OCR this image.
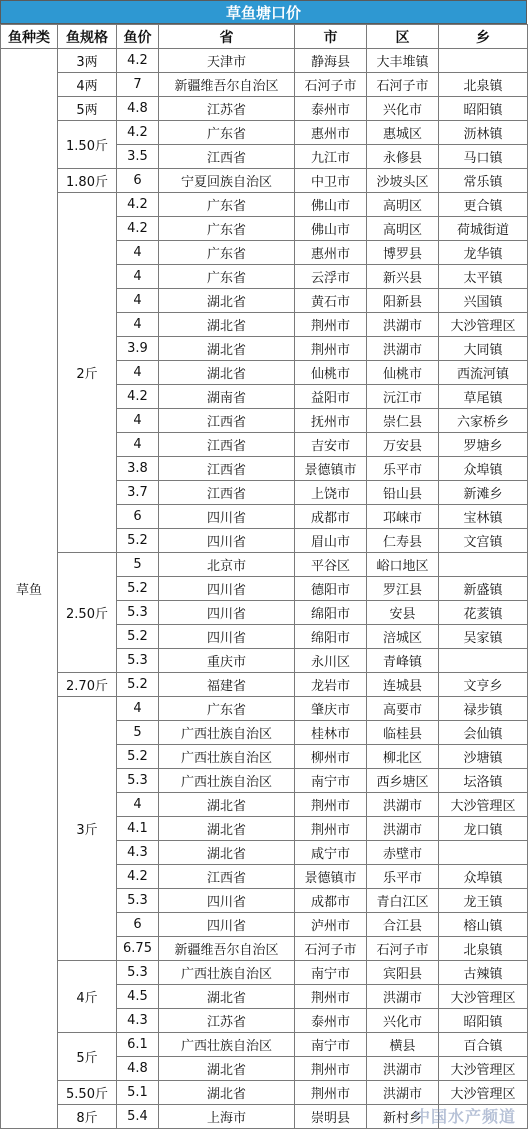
草鱼塘口价
鱼种类	鱼规格	鱼价	省	市	区	乡
草鱼	3两	4.2	天津市	静海县	大丰堆镇	
	4两	7	新疆维吾尔自治区	石河子市	石河子市	北泉镇
	5两	4.8	江苏省	泰州市	兴化市	昭阳镇
	1.50斤	4.2	广东省	惠州市	惠城区	沥林镇
		3.5	江西省	九江市	永修县	马口镇
	1.80斤	6	宁夏回族自治区	中卫市	沙坡头区	常乐镇
	2斤	4.2	广东省	佛山市	高明区	更合镇
		4.2	广东省	佛山市	高明区	荷城街道
		4	广东省	惠州市	博罗县	龙华镇
		4	广东省	云浮市	新兴县	太平镇
		4	湖北省	黄石市	阳新县	兴国镇
		4	湖北省	荆州市	洪湖市	大沙管理区
		3.9	湖北省	荆州市	洪湖市	大同镇
		4	湖北省	仙桃市	仙桃市	西流河镇
		4.2	湖南省	益阳市	沅江市	草尾镇
		4	江西省	抚州市	崇仁县	六家桥乡
		4	江西省	吉安市	万安县	罗塘乡
		3.8	江西省	景德镇市	乐平市	众埠镇
		3.7	江西省	上饶市	铅山县	新滩乡
		6	四川省	成都市	邛崃市	宝林镇
		5.2	四川省	眉山市	仁寿县	文宫镇
	2.50斤	5	北京市	平谷区	峪口地区	
		5.2	四川省	德阳市	罗江县	新盛镇
		5.3	四川省	绵阳市	安县	花荄镇
		5.2	四川省	绵阳市	涪城区	吴家镇
		5.3	重庆市	永川区	青峰镇	
	2.70斤	5.2	福建省	龙岩市	连城县	文亨乡
	3斤	4	广东省	肇庆市	高要市	禄步镇
		5	广西壮族自治区	桂林市	临桂县	会仙镇
		5.2	广西壮族自治区	柳州市	柳北区	沙塘镇
		5.3	广西壮族自治区	南宁市	西乡塘区	坛洛镇
		4	湖北省	荆州市	洪湖市	大沙管理区
		4.1	湖北省	荆州市	洪湖市	龙口镇
		4.3	湖北省	咸宁市	赤壁市	
		4.2	江西省	景德镇市	乐平市	众埠镇
		5.3	四川省	成都市	青白江区	龙王镇
		6	四川省	泸州市	合江县	榕山镇
		6.75	新疆维吾尔自治区	石河子市	石河子市	北泉镇
	4斤	5.3	广西壮族自治区	南宁市	宾阳县	古辣镇
		4.5	湖北省	荆州市	洪湖市	大沙管理区
		4.3	江苏省	泰州市	兴化市	昭阳镇
	5斤	6.1	广西壮族自治区	南宁市	横县	百合镇
		4.8	湖北省	荆州市	洪湖市	大沙管理区
	5.50斤	5.1	湖北省	荆州市	洪湖市	大沙管理区
	8斤	5.4	上海市	崇明县	新村乡	
中国水产频道
